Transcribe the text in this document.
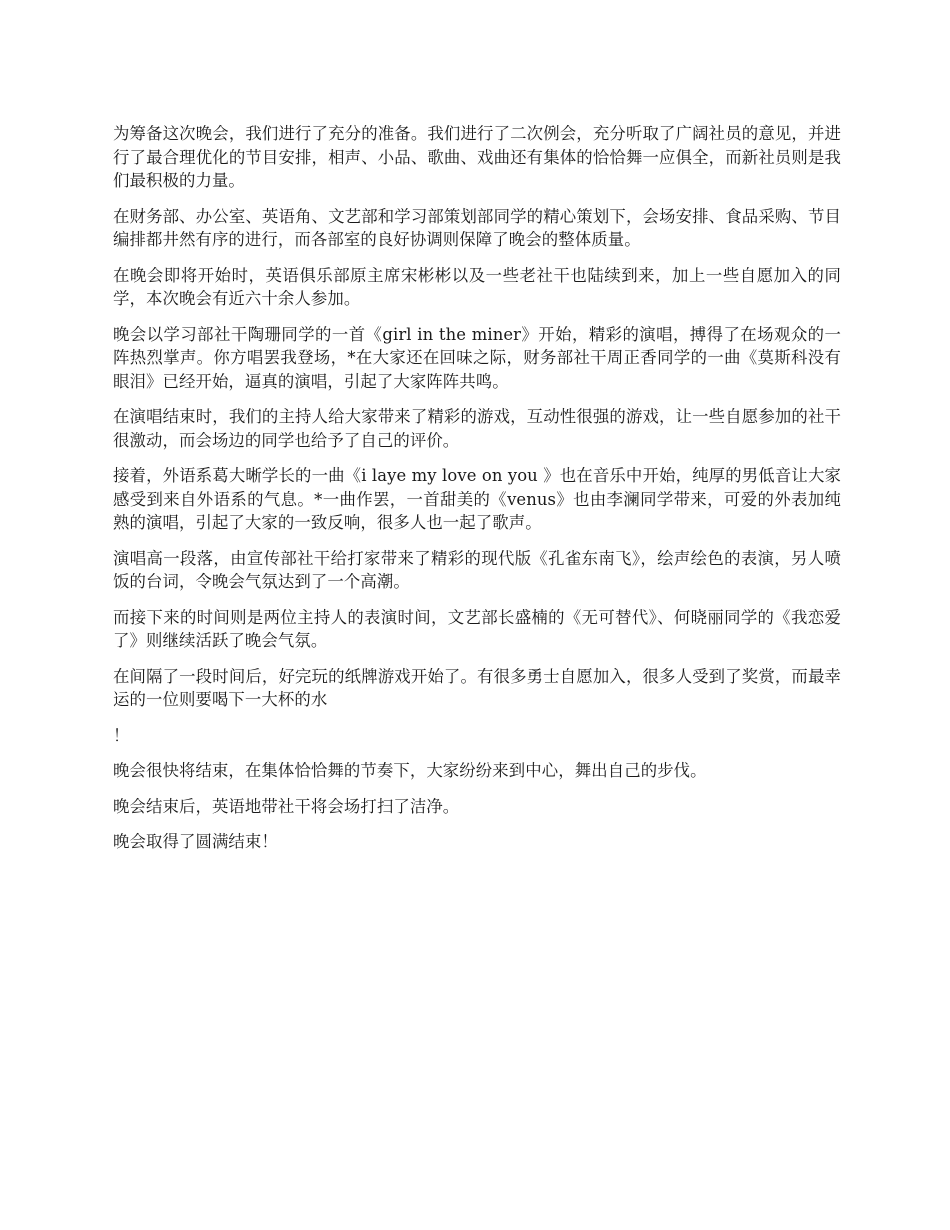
为筹备这次晚会，我们进行了充分的准备。我们进行了二次例会，充分听取了广阔社员的意见，并进行了最合理优化的节目安排，相声、小品、歌曲、戏曲还有集体的恰恰舞一应俱全，而新社员则是我们最积极的力量。

在财务部、办公室、英语角、文艺部和学习部策划部同学的精心策划下，会场安排、食品采购、节目编排都井然有序的进行，而各部室的良好协调则保障了晚会的整体质量。

在晚会即将开始时，英语俱乐部原主席宋彬彬以及一些老社干也陆续到来，加上一些自愿加入的同学，本次晚会有近六十余人参加。

晚会以学习部社干陶珊同学的一首《girl in the miner》开始，精彩的演唱，搏得了在场观众的一阵热烈掌声。你方唱罢我登场，*在大家还在回味之际，财务部社干周正香同学的一曲《莫斯科没有眼泪》已经开始，逼真的演唱，引起了大家阵阵共鸣。

在演唱结束时，我们的主持人给大家带来了精彩的游戏，互动性很强的游戏，让一些自愿参加的社干很激动，而会场边的同学也给予了自己的评价。

接着，外语系葛大晰学长的一曲《i laye my love on you 》也在音乐中开始，纯厚的男低音让大家感受到来自外语系的气息。*一曲作罢，一首甜美的《venus》也由李澜同学带来，可爱的外表加纯熟的演唱，引起了大家的一致反响，很多人也一起了歌声。

演唱高一段落，由宣传部社干给打家带来了精彩的现代版《孔雀东南飞》，绘声绘色的表演，另人喷饭的台词，令晚会气氛达到了一个高潮。

而接下来的时间则是两位主持人的表演时间，文艺部长盛楠的《无可替代》、何晓丽同学的《我恋爱了》则继续活跃了晚会气氛。

在间隔了一段时间后，好完玩的纸牌游戏开始了。有很多勇士自愿加入，很多人受到了奖赏，而最幸运的一位则要喝下一大杯的水

！

晚会很快将结束，在集体恰恰舞的节奏下，大家纷纷来到中心，舞出自己的步伐。

晚会结束后，英语地带社干将会场打扫了洁净。

晚会取得了圆满结束！
